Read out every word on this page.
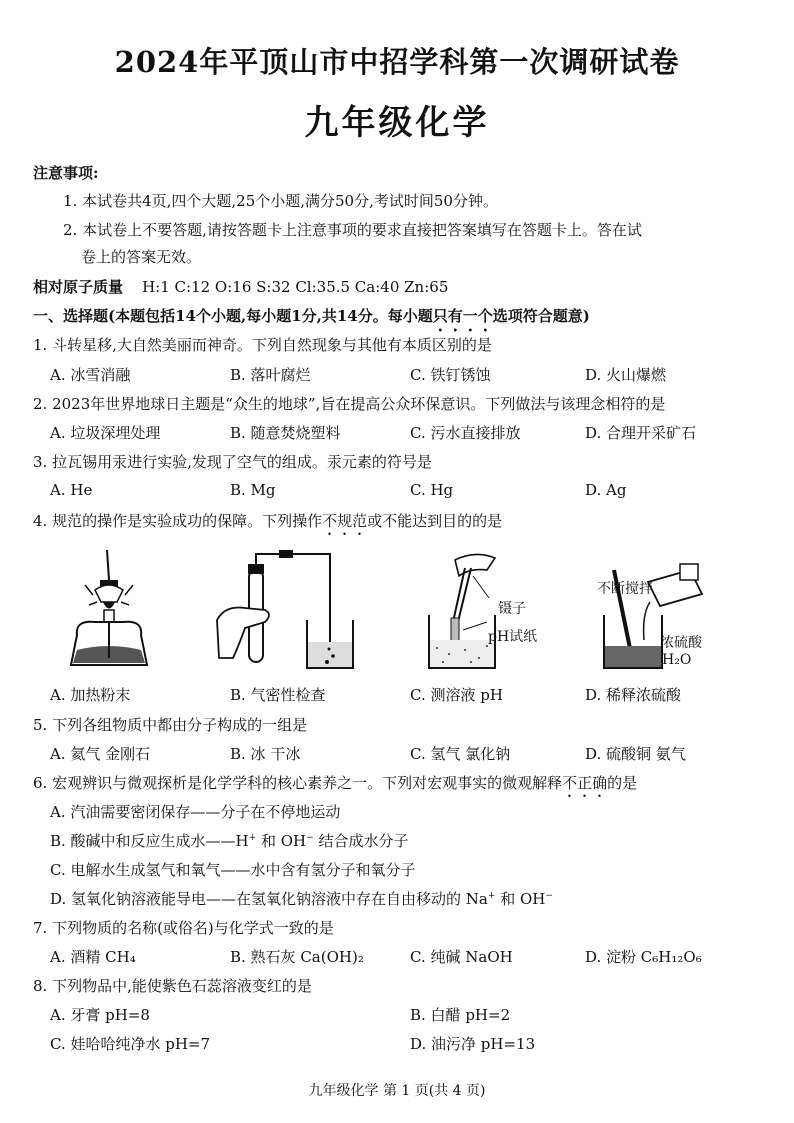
2024年平顶山市中招学科第一次调研试卷
九年级化学
注意事项:
1. 本试卷共4页,四个大题,25个小题,满分50分,考试时间50分钟。
2. 本试卷上不要答题,请按答题卡上注意事项的要求直接把答案填写在答题卡上。答在试
卷上的答案无效。
相对原子质量 H:1 C:12 O:16 S:32 Cl:35.5 Ca:40 Zn:65
一、选择题(本题包括14个小题,每小题1分,共14分。每小题只有一个选项符合题意)
1. 斗转星移,大自然美丽而神奇。下列自然现象与其他有本质区别的是
A. 冰雪消融	B. 落叶腐烂	C. 铁钉锈蚀	D. 火山爆燃
2. 2023年世界地球日主题是“众生的地球”,旨在提高公众环保意识。下列做法与该理念相符的是
A. 垃圾深埋处理	B. 随意焚烧塑料	C. 污水直接排放	D. 合理开采矿石
3. 拉瓦锡用汞进行实验,发现了空气的组成。汞元素的符号是
A. He	B. Mg	C. Hg	D. Ag
4. 规范的操作是实验成功的保障。下列操作不规范或不能达到目的的是
镊子
pH试纸
不断搅拌
浓硫酸
H₂O
A. 加热粉末	B. 气密性检查	C. 测溶液 pH	D. 稀释浓硫酸
5. 下列各组物质中都由分子构成的一组是
A. 氦气 金刚石	B. 冰 干冰	C. 氢气 氯化钠	D. 硫酸铜 氨气
6. 宏观辨识与微观探析是化学学科的核心素养之一。下列对宏观事实的微观解释不正确的是
A. 汽油需要密闭保存——分子在不停地运动
B. 酸碱中和反应生成水——H+ 和 OH− 结合成水分子
C. 电解水生成氢气和氧气——水中含有氢分子和氧分子
D. 氢氧化钠溶液能导电——在氢氧化钠溶液中存在自由移动的 Na+ 和 OH−
7. 下列物质的名称(或俗名)与化学式一致的是
A. 酒精 CH₄	B. 熟石灰 Ca(OH)₂	C. 纯碱 NaOH	D. 淀粉 C₆H₁₂O₆
8. 下列物品中,能使紫色石蕊溶液变红的是
A. 牙膏 pH=8	B. 白醋 pH=2
C. 娃哈哈纯净水 pH=7	D. 油污净 pH=13
九年级化学 第 1 页(共 4 页)
